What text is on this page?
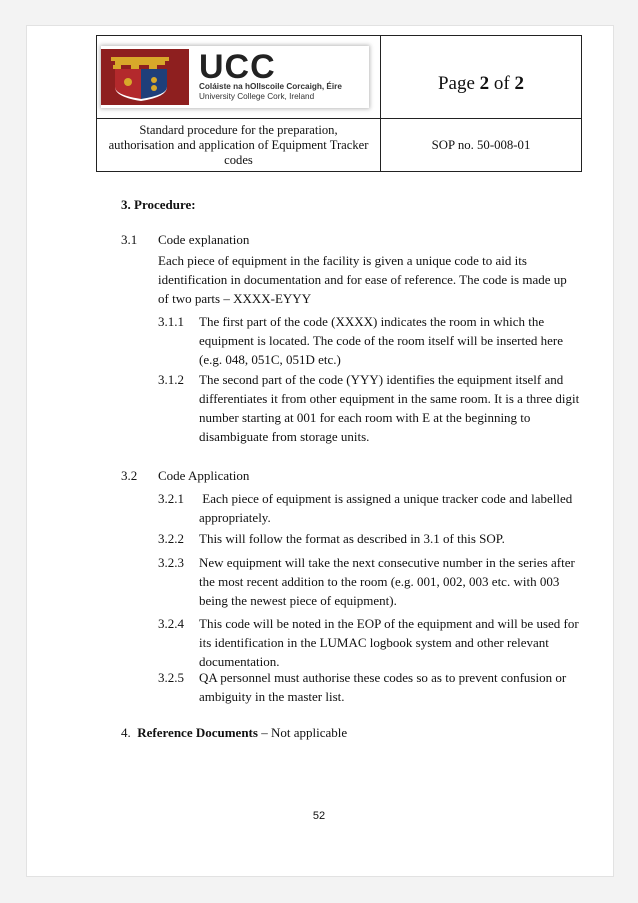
UCC
Coláiste na hOllscoile Corcaigh, Éire
University College Cork, Ireland	Page 2 of 2

Standard procedure for the preparation,
authorisation and application of Equipment Tracker
codes	SOP no. 50-008-01
3. Procedure:
3.1 Code explanation
Each piece of equipment in the facility is given a unique code to aid its
identification in documentation and for ease of reference. The code is made up
of two parts – XXXX-EYYY
3.1.1 The first part of the code (XXXX) indicates the room in which the
equipment is located. The code of the room itself will be inserted here
(e.g. 048, 051C, 051D etc.)
3.1.2 The second part of the code (YYY) identifies the equipment itself and
differentiates it from other equipment in the same room. It is a three digit
number starting at 001 for each room with E at the beginning to
disambiguate from storage units.
3.2 Code Application
3.2.1 Each piece of equipment is assigned a unique tracker code and labelled
appropriately.
3.2.2 This will follow the format as described in 3.1 of this SOP.
3.2.3 New equipment will take the next consecutive number in the series after
the most recent addition to the room (e.g. 001, 002, 003 etc. with 003
being the newest piece of equipment).
3.2.4 This code will be noted in the EOP of the equipment and will be used for
its identification in the LUMAC logbook system and other relevant
documentation.
3.2.5 QA personnel must authorise these codes so as to prevent confusion or
ambiguity in the master list.
4.  Reference Documents – Not applicable
52
